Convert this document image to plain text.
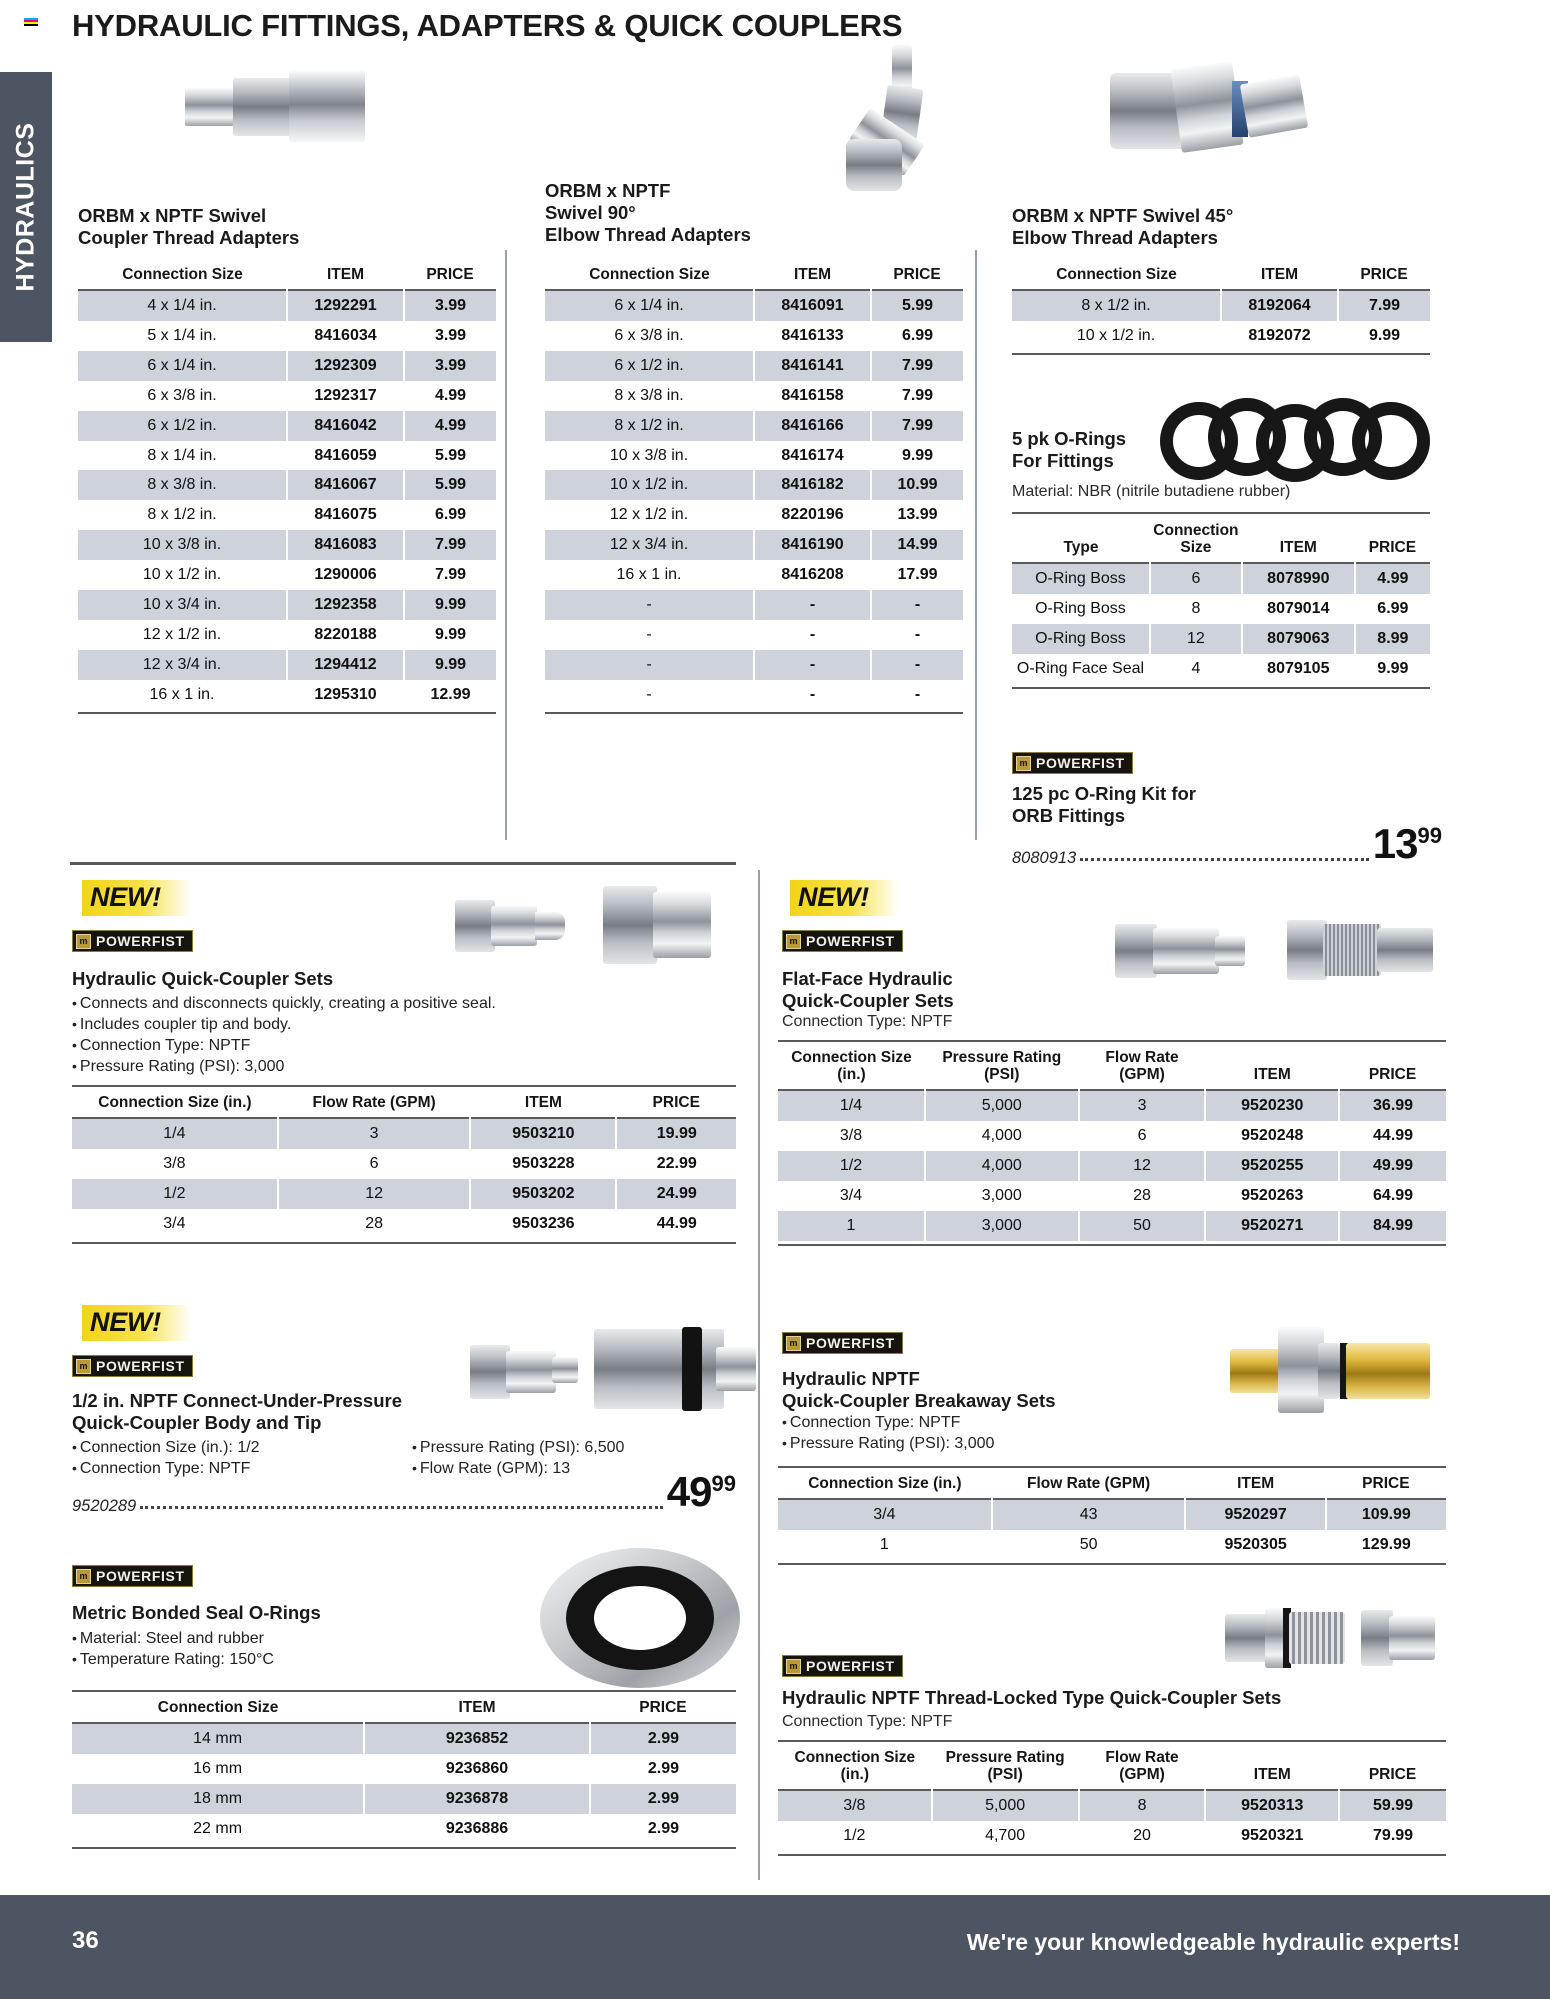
HYDRAULIC FITTINGS, ADAPTERS & QUICK COUPLERS
HYDRAULICS ORBM x NPTF Swivel
Coupler Thread Adapters
ORBM x NPTF
Swivel 90°
Elbow Thread Adapters
ORBM x NPTF Swivel 45°
Elbow Thread Adapters
Connection Size	ITEM	PRICE
4 x 1/4 in.	1292291	3.99
5 x 1/4 in.	8416034	3.99
6 x 1/4 in.	1292309	3.99
6 x 3/8 in.	1292317	4.99
6 x 1/2 in.	8416042	4.99
8 x 1/4 in.	8416059	5.99
8 x 3/8 in.	8416067	5.99
8 x 1/2 in.	8416075	6.99
10 x 3/8 in.	8416083	7.99
10 x 1/2 in.	1290006	7.99
10 x 3/4 in.	1292358	9.99
12 x 1/2 in.	8220188	9.99
12 x 3/4 in.	1294412	9.99
16 x 1 in.	1295310	12.99
Connection Size	ITEM	PRICE
6 x 1/4 in.	8416091	5.99
6 x 3/8 in.	8416133	6.99
6 x 1/2 in.	8416141	7.99
8 x 3/8 in.	8416158	7.99
8 x 1/2 in.	8416166	7.99
10 x 3/8 in.	8416174	9.99
10 x 1/2 in.	8416182	10.99
12 x 1/2 in.	8220196	13.99
12 x 3/4 in.	8416190	14.99
16 x 1 in.	8416208	17.99
-	-	-
-	-	-
-	-	-
-	-	-
Connection Size	ITEM	PRICE
8 x 1/2 in.	8192064	7.99
10 x 1/2 in.	8192072	9.99
5 pk O-Rings
For Fittings
Material: NBR (nitrile butadiene rubber)
Type	Connection Size	ITEM	PRICE
O-Ring Boss	6	8078990	4.99
O-Ring Boss	8	8079014	6.99
O-Ring Boss	12	8079063	8.99
O-Ring Face Seal	4	8079105	9.99
m POWERFIST
125 pc O-Ring Kit for
ORB Fittings
8080913	$13^{99}$
NEW!
m POWERFIST
Hydraulic Quick-Coupler Sets
• Connects and disconnects quickly, creating a positive seal.
• Includes coupler tip and body.
• Connection Type: NPTF
• Pressure Rating (PSI): 3,000
Connection Size (in.)	Flow Rate (GPM)	ITEM	PRICE
1/4	3	9503210	19.99
3/8	6	9503228	22.99
1/2	12	9503202	24.99
3/4	28	9503236	44.99
NEW!
m POWERFIST
1/2 in. NPTF Connect-Under-Pressure
Quick-Coupler Body and Tip
• Connection Size (in.): 1/2
• Connection Type: NPTF
• Pressure Rating (PSI): 6,500
• Flow Rate (GPM): 13
9520289	$49^{99}$
m POWERFIST
Metric Bonded Seal O-Rings
• Material: Steel and rubber
• Temperature Rating: 150°C
Connection Size	ITEM	PRICE
14 mm	9236852	2.99
16 mm	9236860	2.99
18 mm	9236878	2.99
22 mm	9236886	2.99
NEW!
m POWERFIST
Flat-Face Hydraulic
Quick-Coupler Sets
Connection Type: NPTF
Connection Size (in.)	Pressure Rating (PSI)	Flow Rate (GPM)	ITEM	PRICE
1/4	5,000	3	9520230	36.99
3/8	4,000	6	9520248	44.99
1/2	4,000	12	9520255	49.99
3/4	3,000	28	9520263	64.99
1	3,000	50	9520271	84.99
m POWERFIST
Hydraulic NPTF
Quick-Coupler Breakaway Sets
• Connection Type: NPTF
• Pressure Rating (PSI): 3,000
Connection Size (in.)	Flow Rate (GPM)	ITEM	PRICE
3/4	43	9520297	109.99
1	50	9520305	129.99
m POWERFIST
Hydraulic NPTF Thread-Locked Type Quick-Coupler Sets
Connection Type: NPTF
Connection Size (in.)	Pressure Rating (PSI)	Flow Rate (GPM)	ITEM	PRICE
3/8	5,000	8	9520313	59.99
1/2	4,700	20	9520321	79.99
36	We're your knowledgeable hydraulic experts!
